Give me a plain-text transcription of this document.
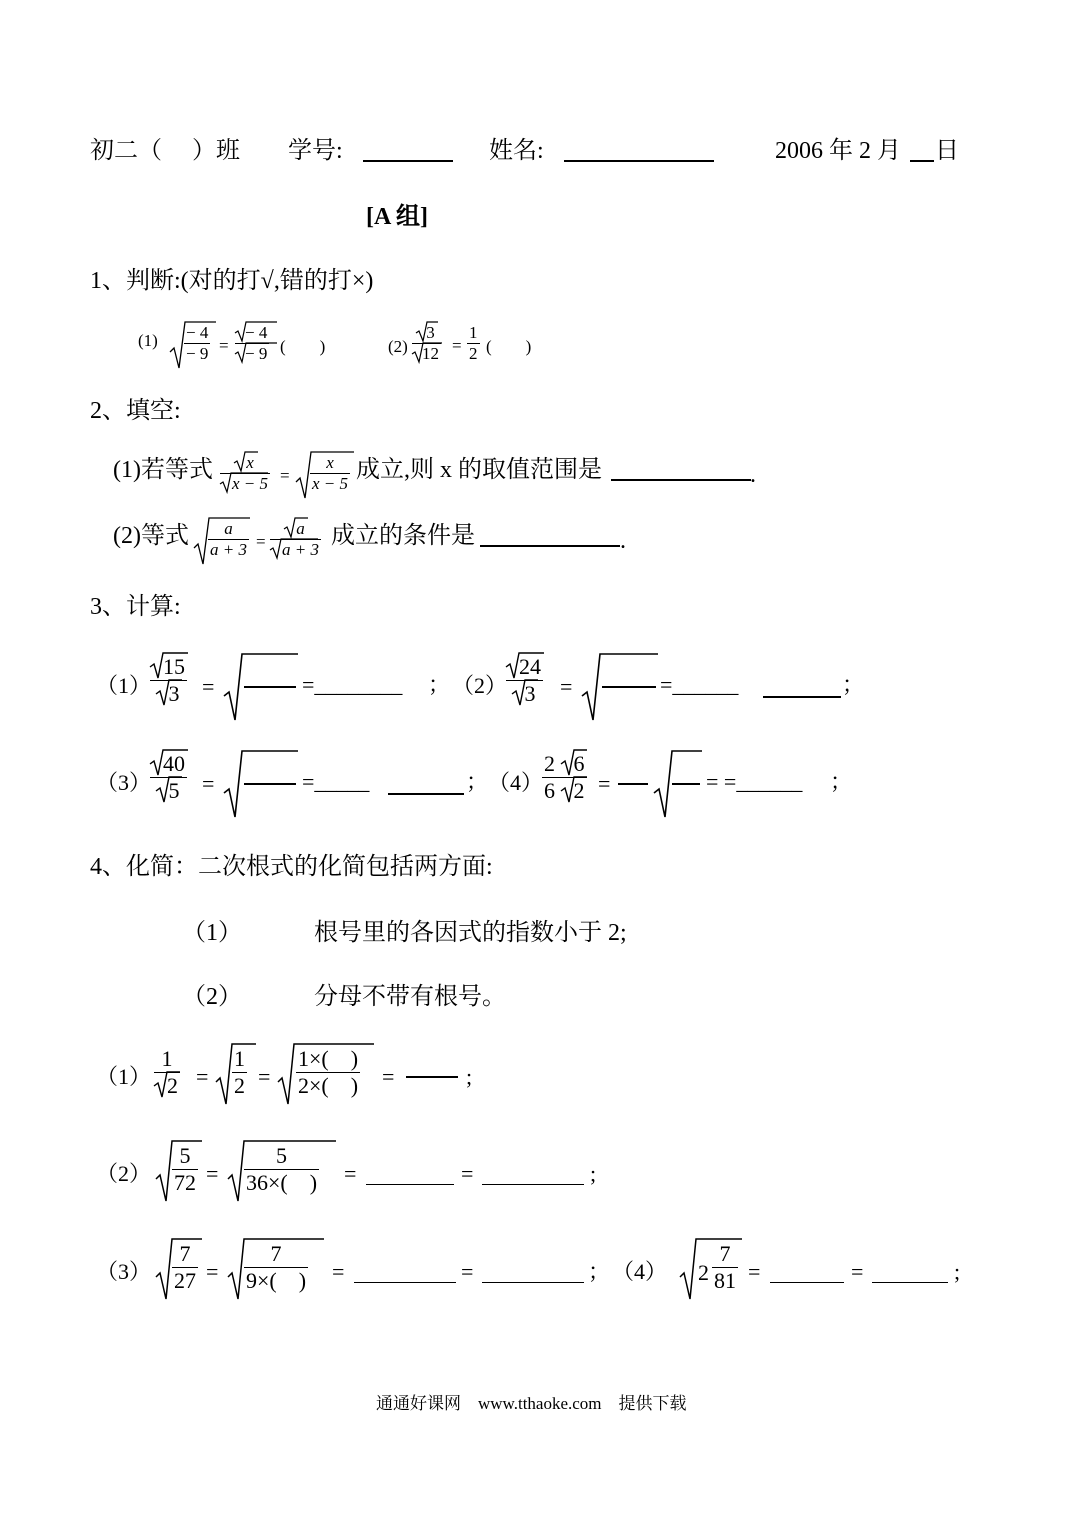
初二（　 ）班 学号:	姓名:	2006 年 2 月 日
[A 组]
1、判断:(对的打√,错的打×)
(1) − 4
− 9 =
− 4
− 9 (　　)	(2)
3
12 =
1
2 (　　)
2、填空:
(1)若等式	x
x − 5 =
x
x − 5
成立,则 x 的取值范围是	.
(2)等式 a
a + 3 =
a
a + 3
成立的条件是	.
3、计算:
（1）
15
3 =	=________ ； （2）
24
3 =	=______	；
（3）
40
5 =	=_____	； （4）
2 6
6 2 =	= =______ ；
4、化简：二次根式的化简包括两方面:
（1）	根号里的各因式的指数小于 2;
（2）	分母不带有根号。
（1）
1
2 =
1
2 =
1×(　)
2×(　) =	;
（2）
5
72 =
5
36×(　) =	=	;
（3）
7
27 =
7
9×(　) =	=	； （4） 2
7
81 =	=	;
通通好课网　www.tthaoke.com　提供下载
